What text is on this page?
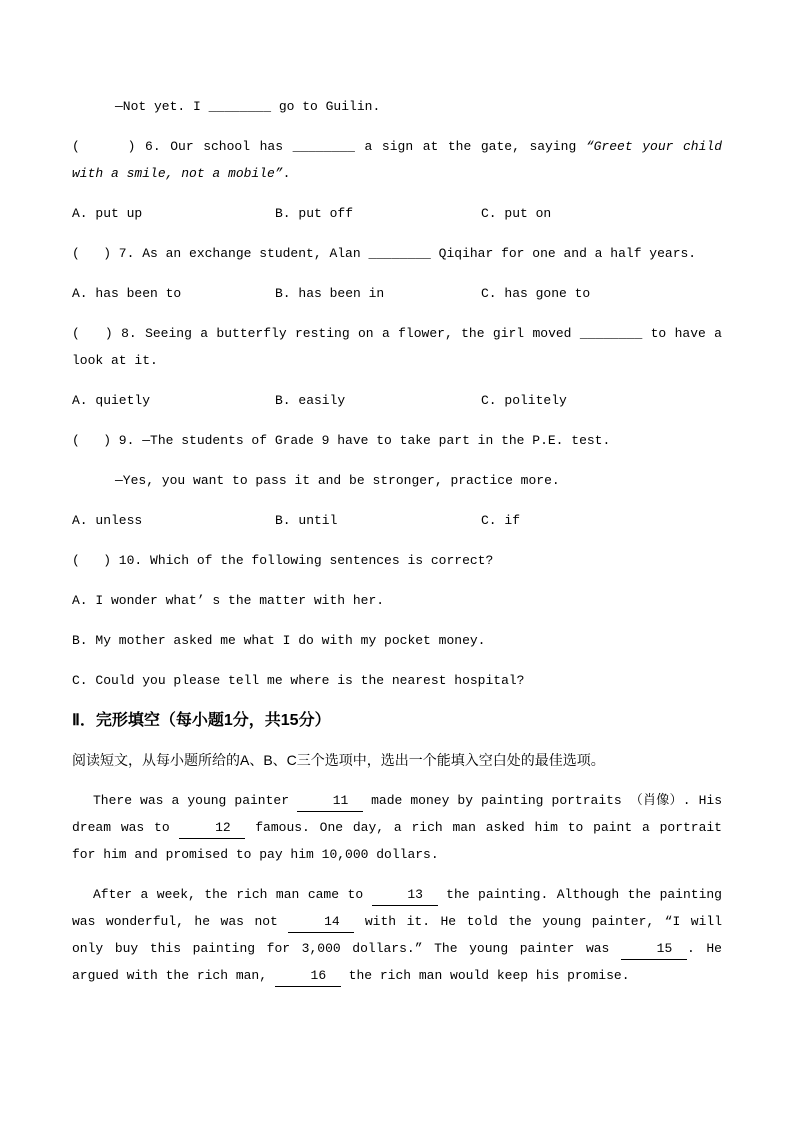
—Not yet. I ________ go to Guilin.

(     ) 6. Our school has ________ a sign at the gate, saying “Greet your child with a smile, not a mobile”.

A. put up	B. put off	C. put on

(   ) 7. As an exchange student, Alan ________ Qiqihar for one and a half years.

A. has been to	B. has been in	C. has gone to

(   ) 8. Seeing a butterfly resting on a flower, the girl moved ________ to have a look at it.

A. quietly	B. easily	C. politely

(   ) 9. —The students of Grade 9 have to take part in the P.E. test.

—Yes, you want to pass it and be stronger, practice more.

A. unless	B. until	C. if

(   ) 10. Which of the following sentences is correct?

A. I wonder what’ s the matter with her.

B. My mother asked me what I do with my pocket money.

C. Could you please tell me where is the nearest hospital?

Ⅱ．完形填空（每小题1分，共15分）

阅读短文，从每小题所给的A、B、C三个选项中，选出一个能填入空白处的最佳选项。

There was a young painter	11 made money by painting portraits （肖像）. His dream was to	12 famous. One day, a rich man asked him to paint a portrait for him and promised to pay him 10,000 dollars.

After a week, the rich man came to	13 the painting. Although the painting was wonderful, he was not	14 with it. He told the young painter, “I will only buy this painting for 3,000 dollars.” The young painter was	15 . He argued with the rich man,	16 the rich man would keep his promise.
